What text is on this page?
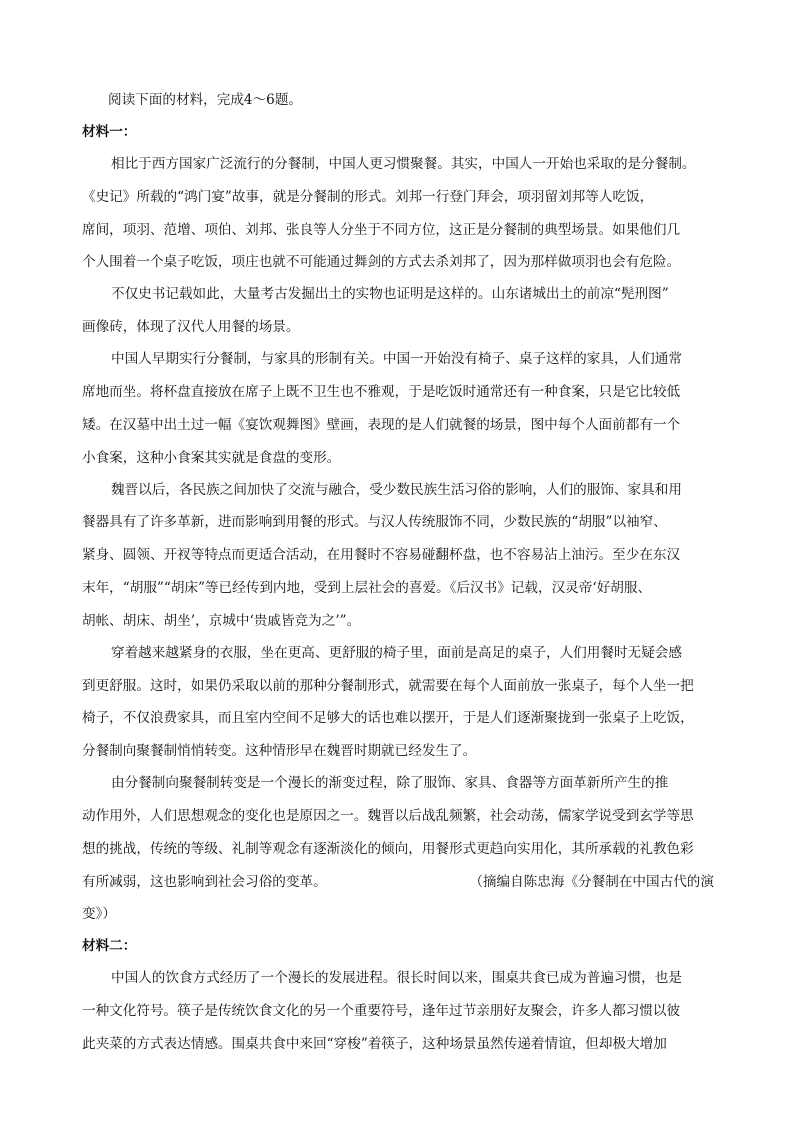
阅读下面的材料，完成4～6题。

材料一：

相比于西方国家广泛流行的分餐制，中国人更习惯聚餐。其实，中国人一开始也采取的是分餐制。

《史记》所载的“鸿门宴”故事，就是分餐制的形式。刘邦一行登门拜会，项羽留刘邦等人吃饭，

席间，项羽、范增、项伯、刘邦、张良等人分坐于不同方位，这正是分餐制的典型场景。如果他们几

个人围着一个桌子吃饭，项庄也就不可能通过舞剑的方式去杀刘邦了，因为那样做项羽也会有危险。

不仅史书记载如此，大量考古发掘出土的实物也证明是这样的。山东诸城出土的前凉“髡刑图”

画像砖，体现了汉代人用餐的场景。

中国人早期实行分餐制，与家具的形制有关。中国一开始没有椅子、桌子这样的家具，人们通常

席地而坐。将杯盘直接放在席子上既不卫生也不雅观，于是吃饭时通常还有一种食案，只是它比较低

矮。在汉墓中出土过一幅《宴饮观舞图》壁画，表现的是人们就餐的场景，图中每个人面前都有一个

小食案，这种小食案其实就是食盘的变形。

魏晋以后，各民族之间加快了交流与融合，受少数民族生活习俗的影响，人们的服饰、家具和用

餐器具有了许多革新，进而影响到用餐的形式。与汉人传统服饰不同，少数民族的“胡服”以袖窄、

紧身、圆领、开衩等特点而更适合活动，在用餐时不容易碰翻杯盘，也不容易沾上油污。至少在东汉

末年，“胡服”“胡床”等已经传到内地，受到上层社会的喜爱。《后汉书》记载，汉灵帝‘好胡服、

胡帐、胡床、胡坐’，京城中‘贵戚皆竞为之’”。

穿着越来越紧身的衣服，坐在更高、更舒服的椅子里，面前是高足的桌子，人们用餐时无疑会感

到更舒服。这时，如果仍采取以前的那种分餐制形式，就需要在每个人面前放一张桌子，每个人坐一把

椅子，不仅浪费家具，而且室内空间不足够大的话也难以摆开，于是人们逐渐聚拢到一张桌子上吃饭，

分餐制向聚餐制悄悄转变。这种情形早在魏晋时期就已经发生了。

由分餐制向聚餐制转变是一个漫长的渐变过程，除了服饰、家具、食器等方面革新所产生的推

动作用外，人们思想观念的变化也是原因之一。魏晋以后战乱频繁，社会动荡，儒家学说受到玄学等思

想的挑战，传统的等级、礼制等观念有逐渐淡化的倾向，用餐形式更趋向实用化，其所承载的礼教色彩

有所减弱，这也影响到社会习俗的变革。	（摘编自陈忠海《分餐制在中国古代的演

变》）

材料二：

中国人的饮食方式经历了一个漫长的发展进程。很长时间以来，围桌共食已成为普遍习惯，也是

一种文化符号。筷子是传统饮食文化的另一个重要符号，逢年过节亲朋好友聚会，许多人都习惯以彼

此夹菜的方式表达情感。围桌共食中来回“穿梭”着筷子，这种场景虽然传递着情谊，但却极大增加
